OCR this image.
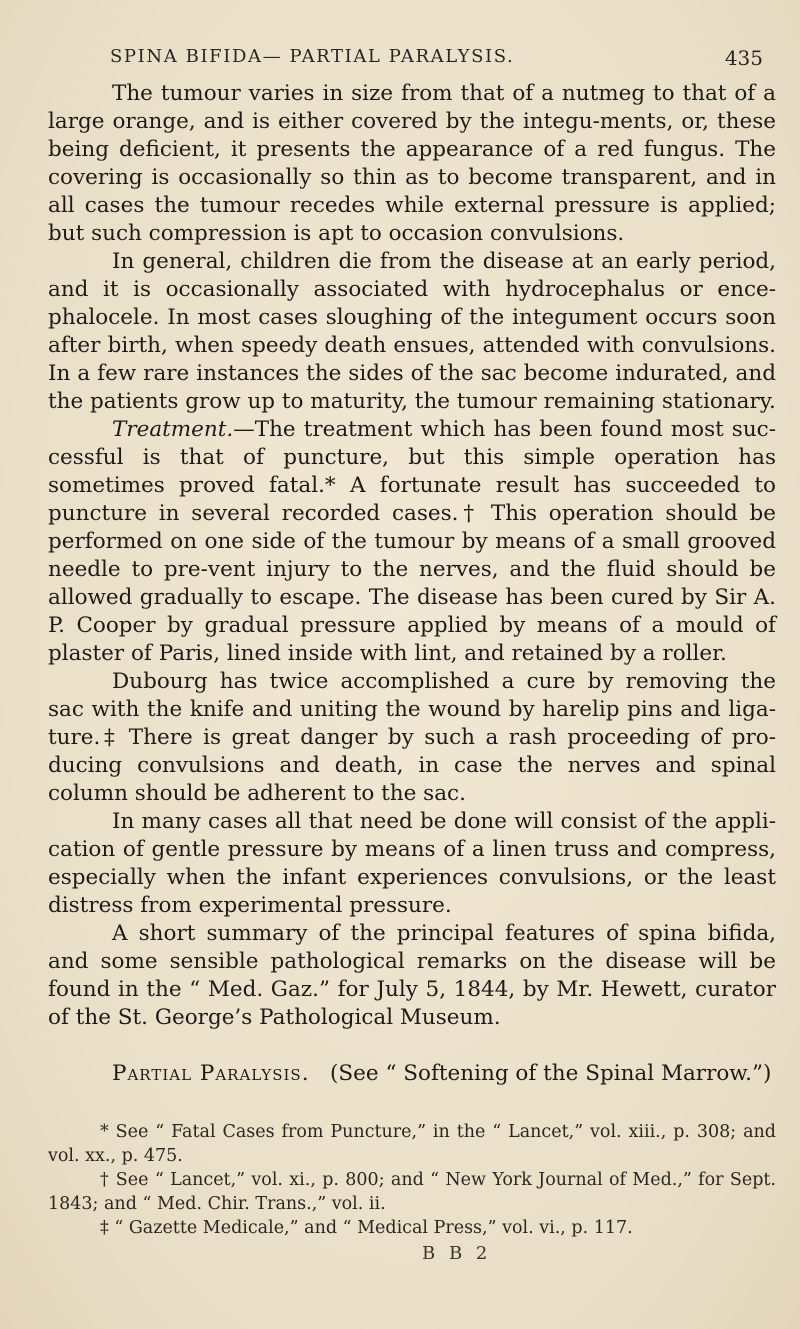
SPINA BIFIDA— PARTIAL PARALYSIS.	435

The tumour varies in size from that of a nutmeg to that of a large orange, and is either covered by the integu-ments, or, these being deficient, it presents the appearance of a red fungus. The covering is occasionally so thin as to become transparent, and in all cases the tumour recedes while external pressure is applied; but such compression is apt to occasion convulsions.

In general, children die from the disease at an early period, and it is occasionally associated with hydrocephalus or ence-phalocele. In most cases sloughing of the integument occurs soon after birth, when speedy death ensues, attended with convulsions. In a few rare instances the sides of the sac become indurated, and the patients grow up to maturity, the tumour remaining stationary.

Treatment.—The treatment which has been found most suc-cessful is that of puncture, but this simple operation has sometimes proved fatal.* A fortunate result has succeeded to puncture in several recorded cases.† This operation should be performed on one side of the tumour by means of a small grooved needle to pre-vent injury to the nerves, and the fluid should be allowed gradually to escape. The disease has been cured by Sir A. P. Cooper by gradual pressure applied by means of a mould of plaster of Paris, lined inside with lint, and retained by a roller.

Dubourg has twice accomplished a cure by removing the sac with the knife and uniting the wound by harelip pins and liga-ture.‡ There is great danger by such a rash proceeding of pro-ducing convulsions and death, in case the nerves and spinal column should be adherent to the sac.

In many cases all that need be done will consist of the appli-cation of gentle pressure by means of a linen truss and compress, especially when the infant experiences convulsions, or the least distress from experimental pressure.

A short summary of the principal features of spina bifida, and some sensible pathological remarks on the disease will be found in the “ Med. Gaz.” for July 5, 1844, by Mr. Hewett, curator of the St. George’s Pathological Museum.

Partial Paralysis. (See “ Softening of the Spinal Marrow.”)

* See “ Fatal Cases from Puncture,” in the “ Lancet,” vol. xiii., p. 308; and vol. xx., p. 475.

† See “ Lancet,” vol. xi., p. 800; and “ New York Journal of Med.,” for Sept. 1843; and “ Med. Chir. Trans.,” vol. ii.

‡ “ Gazette Medicale,” and “ Medical Press,” vol. vi., p. 117.

B B 2
